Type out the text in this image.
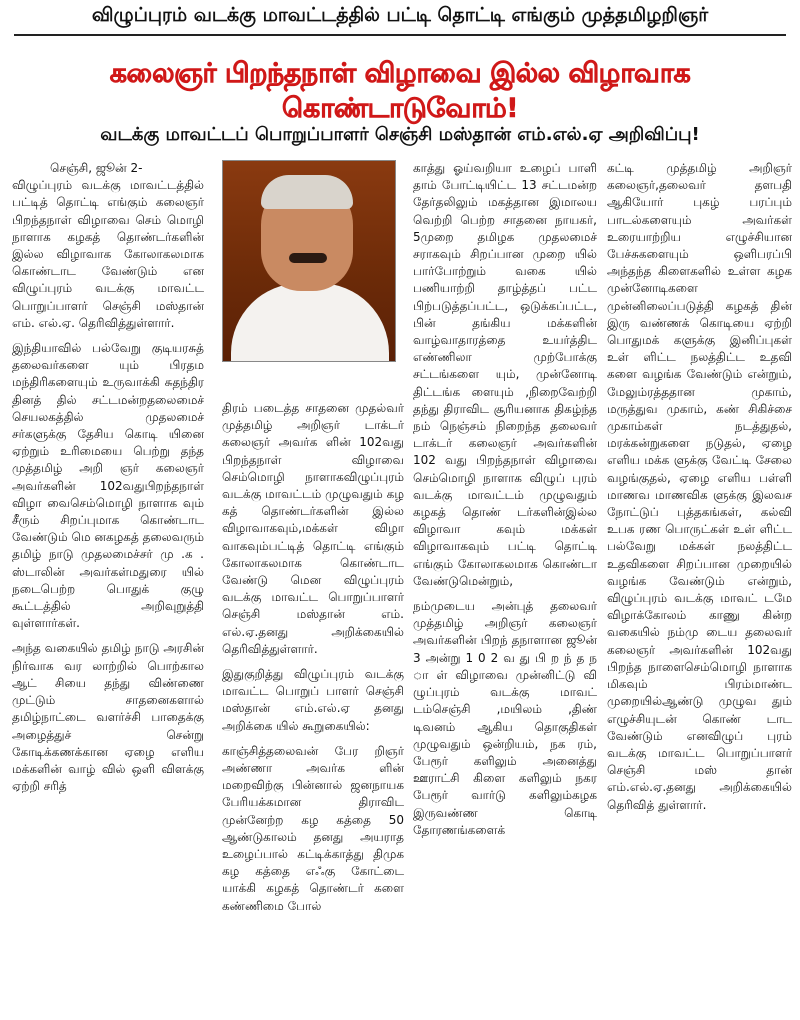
விழுப்புரம் வடக்கு மாவட்டத்தில் பட்டி தொட்டி எங்கும் முத்தமிழறிஞர்
கலைஞர் பிறந்தநாள் விழாவை இல்ல விழாவாக கொண்டாடுவோம்!
வடக்கு மாவட்டப் பொறுப்பாளர் செஞ்சி மஸ்தான் எம்.எல்.ஏ அறிவிப்பு!

செஞ்சி, ஜூன் 2-

விழுப்புரம் வடக்கு மாவட்டத்தில் பட்டித் தொட்டி எங்கும் கலைஞர் பிறந்தநாள் விழாவை செம் மொழி நாளாக கழகத் தொண்டர்களின் இல்ல விழாவாக கோலாகலமாக கொண்டாட வேண்டும் என விழுப்புரம் வடக்கு மாவட்ட பொறுப்பாளர் செஞ்சி மஸ்தான் எம். எல்.ஏ. தெரிவித்துள்ளார்.

இந்தியாவில் பல்வேறு குடியரசுத் தலைவர்களை யும் பிரதம மந்திரிகளையும் உருவாக்கி சுதந்திர தினத் தில் சட்டமன்றதலைமைச் செயலகத்தில் முதலமைச் சர்களுக்கு தேசிய கொடி யினை ஏற்றும் உரிமையை பெற்று தந்த முத்தமிழ் அறி ஞர் கலைஞர் அவர்களின் 102வதுபிறந்தநாள் விழா வைசெம்மொழி நாளாக வும் சீரும் சிறப்புமாக கொண்டாட வேண்டும் மெ னகழகத் தலைவரும் தமிழ் நாடு முதலமைச்சர் மு .க . ஸ்டாலின் அவர்கள்மதுரை யில் நடைபெற்ற பொதுக் குழு கூட்டத்தில் அறிவுறுத்தி வுள்ளார்கள்.

அந்த வகையில் தமிழ் நாடு அரசின் நிர்வாக வர லாற்றில் பொற்கால ஆட் சியை தந்து விண்ணை முட்டும் சாதனைகளால் தமிழ்நாட்டை வளர்ச்சி பாதைக்கு அழைத்துச் சென்று கோடிக்கணக்கான ஏழை எளிய மக்களின் வாழ் வில் ஒளி விளக்கு ஏற்றி சரித்

திரம் படைத்த சாதனை முதல்வர் முத்தமிழ் அறிஞர் டாக்டர் கலைஞர் அவர்க ளின் 102வது பிறந்தநாள் விழாவை செம்மொழி நாளாகவிழுப்புரம் வடக்கு மாவட்டம் முழுவதும் கழ கத் தொண்டர்களின் இல்ல விழாவாகவும்,மக்கள் விழா வாகவும்பட்டித் தொட்டி எங்கும் கோலாகலமாக கொண்டாட வேண்டு மென விழுப்புரம் வடக்கு மாவட்ட பொறுப்பாளர் செஞ்சி மஸ்தான் எம். எல்.ஏ.தனது அறிக்கையில் தெரிவித்துள்ளார்.

இதுகுறித்து விழுப்புரம் வடக்கு மாவட்ட பொறுப் பாளர் செஞ்சி மஸ்தான் எம்.எல்.ஏ தனது அறிக்கை யில் கூறுகையில்:

காஞ்சித்தலைவன் பேர றிஞர் அண்ணா அவர்க ளின் மறைவிற்கு பின்னால் ஜனநாயக பேரியக்கமான திராவிட முன்னேற்ற கழ கத்தை 50 ஆண்டுகாலம் தனது அயராத உழைப்பால் கட்டிக்காத்து திமுக கழ கத்தை எஃகு கோட்டை யாக்கி கழகத் தொண்டர் களை கண்ணிமை போல்

காத்து ஓய்வறியா உழைப் பாளி தாம் போட்டியிட்ட 13 சட்டமன்ற தேர்தலிலும் மகத்தான இமாலய வெற்றி பெற்ற சாதனை நாயகர், 5முறை தமிழக முதலமைச் சராகவும் சிறப்பான முறை யில் பார்போற்றும் வகை யில் பணியாற்றி தாழ்த்தப் பட்ட பிற்படுத்தப்பட்ட, ஒடுக்கப்பட்ட, பின் தங்கிய மக்களின் வாழ்வாதாரத்தை உயர்த்திட எண்ணிலா முற்போக்கு சட்டங்களை யும், முன்னோடி திட்டங்க ளையும் ,நிறைவேற்றி தந்து திராவிட சூரியனாக திகழ்ந்த நம் நெஞ்சம் நிறைந்த தலைவர் டாக்டர் கலைஞர் அவர்களின் 102 வது பிறந்தநாள் விழாவை செம்மொழி நாளாக விழுப் புரம் வடக்கு மாவட்டம் முழுவதும் கழகத் தொண் டர்களின்இல்ல விழாவா கவும் மக்கள் விழாவாகவும் பட்டி தொட்டி எங்கும் கோலாகலமாக கொண்டா வேண்டுமென்றும்,

நம்முடைய அன்புத் தலைவர் முத்தமிழ் அறிஞர் கலைஞர் அவர்களின் பிறந் தநாளான ஜூன் 3 அன்று 1 0 2 வ து பி ற ந் த ந ா ள் விழாவை முன்னிட்டு வி ழுப்புரம் வடக்கு மாவட் டம்செஞ்சி ,மயிலம் ,திண் டிவனம் ஆகிய தொகுதிகள் முழுவதும் ஒன்றியம், நக ரம், பேரூர் களிலும் அனைத்து ஊராட்சி கிளை களிலும் நகர பேரூர் வார்டு களிலும்கழக இருவண்ண கொடி தோரணங்களைக்

கட்டி முத்தமிழ் அறிஞர் கலைஞர்,தலைவர் தளபதி ஆகியோர் புகழ் பரப்பும் பாடல்களையும் அவர்கள் உரையாற்றிய எழுச்சியான பேச்சுகளையும் ஒளிபரப்பி அந்தந்த கிளைகளில் உள்ள கழக முன்னோடிகளை முன்னிலைப்படுத்தி கழகத் தின் இரு வண்ணக் கொடியை ஏற்றி பொதுமக் களுக்கு இனிப்புகள் உள் ளிட்ட நலத்திட்ட உதவி களை வழங்க வேண்டும் என்றும், மேலும்ரத்ததான முகாம், மருத்துவ முகாம், கண் சிகிச்சை முகாம்கள் நடத்துதல், மரக்கன்றுகளை நடுதல், ஏழை எளிய மக்க ளுக்கு வேட்டி சேலை வழங்குதல், ஏழை எளிய பள்ளி மாணவ மாணவிக ளுக்கு இலவச நோட்டுப் புத்தகங்கள், கல்வி உபக ரண பொருட்கள் உள் ளிட்ட பல்வேறு மக்கள் நலத்திட்ட உதவிகளை சிறப்பான முறையில் வழங்க வேண்டும் என்றும், விழுப்புரம் வடக்கு மாவட் டமே விழாக்கோலம் காணு கின்ற வகையில் நம்மு டைய தலைவர் கலைஞர் அவர்களின் 102வது பிறந்த நாளைசெம்மொழி நாளாக மிகவும் பிரம்மாண்ட முறையில்ஆண்டு முழுவ தும் எழுச்சியுடன் கொண் டாட வேண்டும் எனவிழுப் புரம் வடக்கு மாவட்ட பொறுப்பாளர் செஞ்சி மஸ் தான் எம்.எல்.ஏ.தனது அறிக்கையில் தெரிவித் துள்ளார்.
